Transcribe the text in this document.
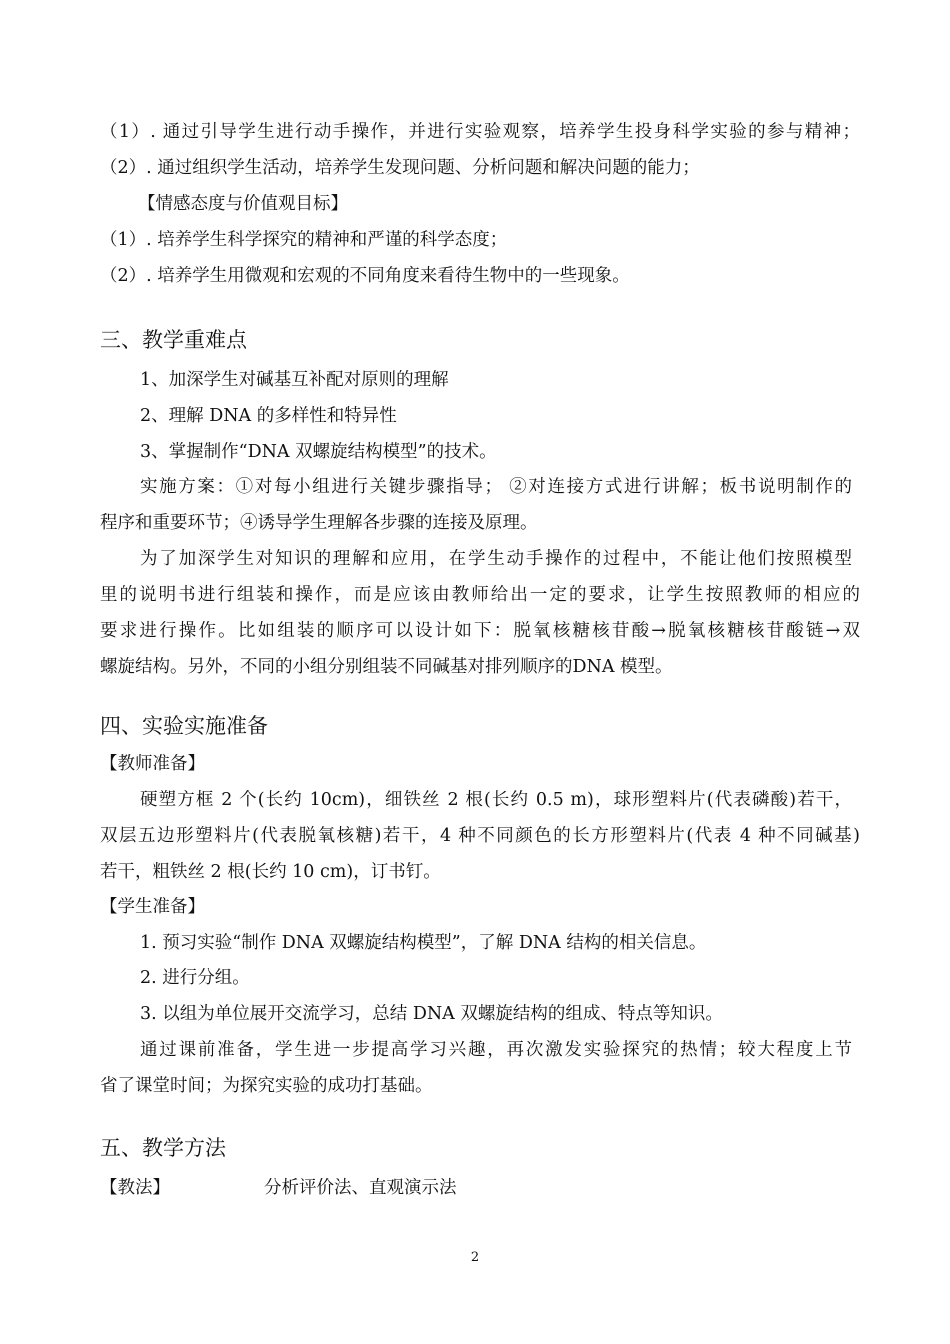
（1）. 通过引导学生进行动手操作，并进行实验观察，培养学生投身科学实验的参与精神；
（2）. 通过组织学生活动，培养学生发现问题、分析问题和解决问题的能力；
【情感态度与价值观目标】
（1）. 培养学生科学探究的精神和严谨的科学态度；
（2）. 培养学生用微观和宏观的不同角度来看待生物中的一些现象。
三、教学重难点
1、加深学生对碱基互补配对原则的理解
2、理解 DNA 的多样性和特异性
3、掌握制作“DNA 双螺旋结构模型”的技术。
实施方案：①对每小组进行关键步骤指导； ②对连接方式进行讲解；板书说明制作的
程序和重要环节；④诱导学生理解各步骤的连接及原理。
为了加深学生对知识的理解和应用，在学生动手操作的过程中，不能让他们按照模型
里的说明书进行组装和操作，而是应该由教师给出一定的要求，让学生按照教师的相应的
要求进行操作。比如组装的顺序可以设计如下：脱氧核糖核苷酸→脱氧核糖核苷酸链→双
螺旋结构。另外，不同的小组分别组装不同碱基对排列顺序的DNA 模型。
四、实验实施准备
【教师准备】
硬塑方框 2 个(长约 10cm)，细铁丝 2 根(长约 0.5 m)，球形塑料片(代表磷酸)若干，
双层五边形塑料片(代表脱氧核糖)若干，4 种不同颜色的长方形塑料片(代表 4 种不同碱基)
若干，粗铁丝 2 根(长约 10 cm)，订书钉。
【学生准备】
1. 预习实验“制作 DNA 双螺旋结构模型”，了解 DNA 结构的相关信息。
2. 进行分组。
3. 以组为单位展开交流学习，总结 DNA 双螺旋结构的组成、特点等知识。
通过课前准备，学生进一步提高学习兴趣，再次激发实验探究的热情；较大程度上节
省了课堂时间；为探究实验的成功打基础。
五、教学方法
【教法】	分析评价法、直观演示法
2
